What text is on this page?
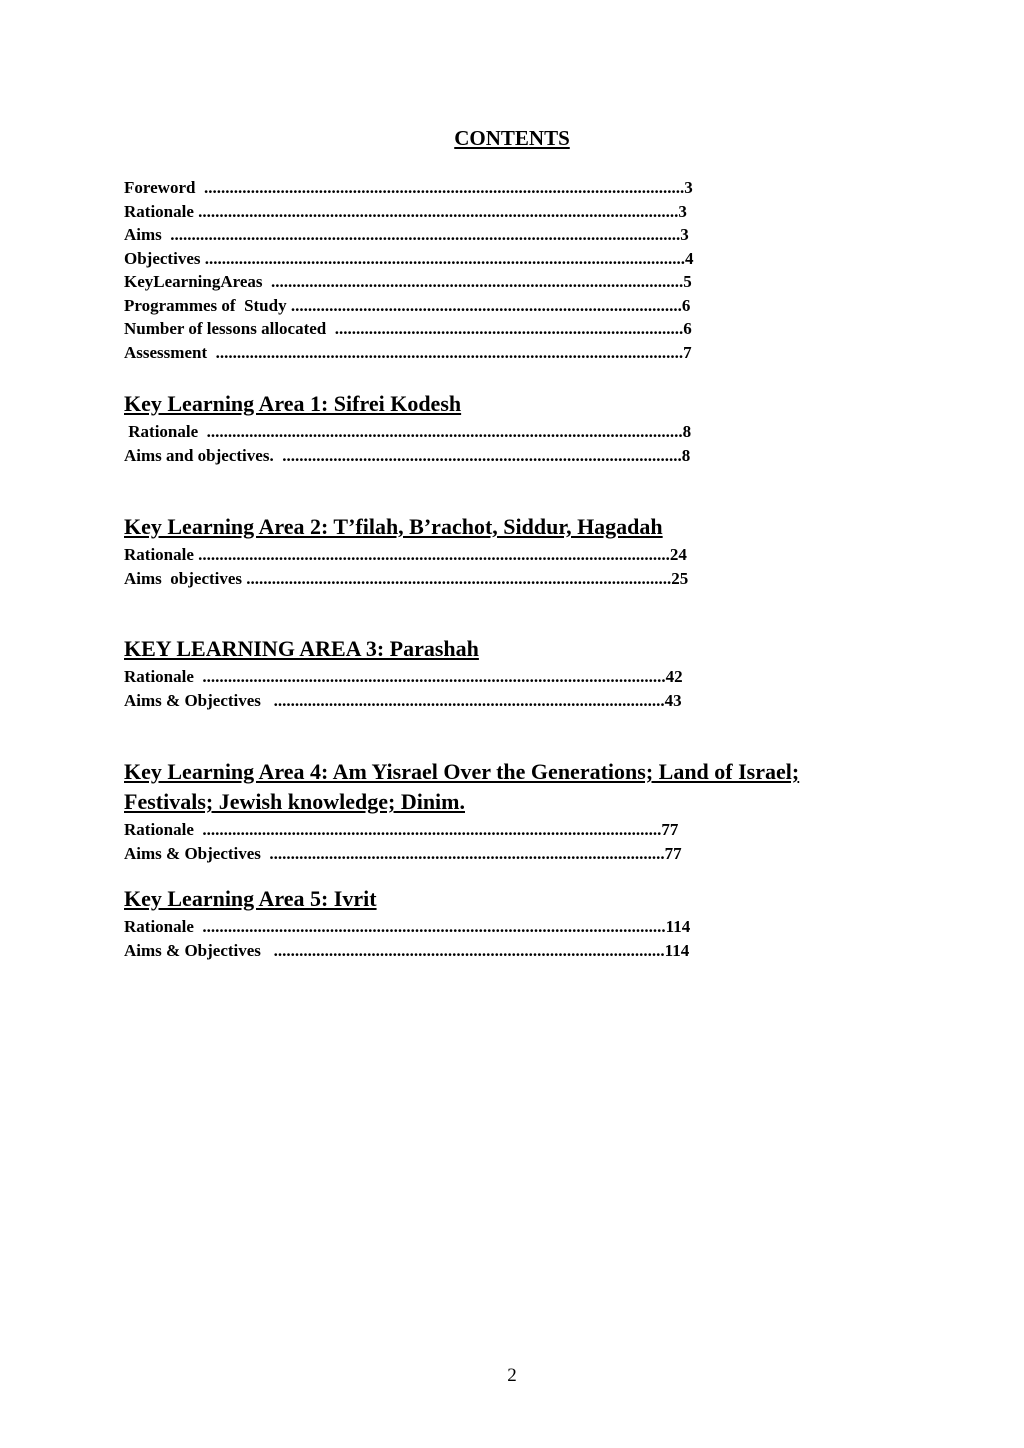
CONTENTS
Foreword  .................................................................................................................3
Rationale .................................................................................................................3
Aims  ........................................................................................................................3
Objectives .................................................................................................................4
KeyLearningAreas  .................................................................................................5
Programmes of  Study ............................................................................................6
Number of lessons allocated  ..................................................................................6
Assessment  ..............................................................................................................7
Key Learning Area 1: Sifrei Kodesh
Rationale  ................................................................................................................8
Aims and objectives.  ..............................................................................................8
Key Learning Area 2: T’filah, B’rachot, Siddur, Hagadah
Rationale ...............................................................................................................24
Aims  objectives ....................................................................................................25
KEY LEARNING AREA 3: Parashah
Rationale  .............................................................................................................42
Aims & Objectives   ............................................................................................43
Key Learning Area 4: Am Yisrael Over the Generations; Land of Israel;
Festivals; Jewish knowledge; Dinim.
Rationale  ............................................................................................................77
Aims & Objectives  .............................................................................................77
Key Learning Area 5: Ivrit
Rationale  .............................................................................................................114
Aims & Objectives   ............................................................................................114
2
